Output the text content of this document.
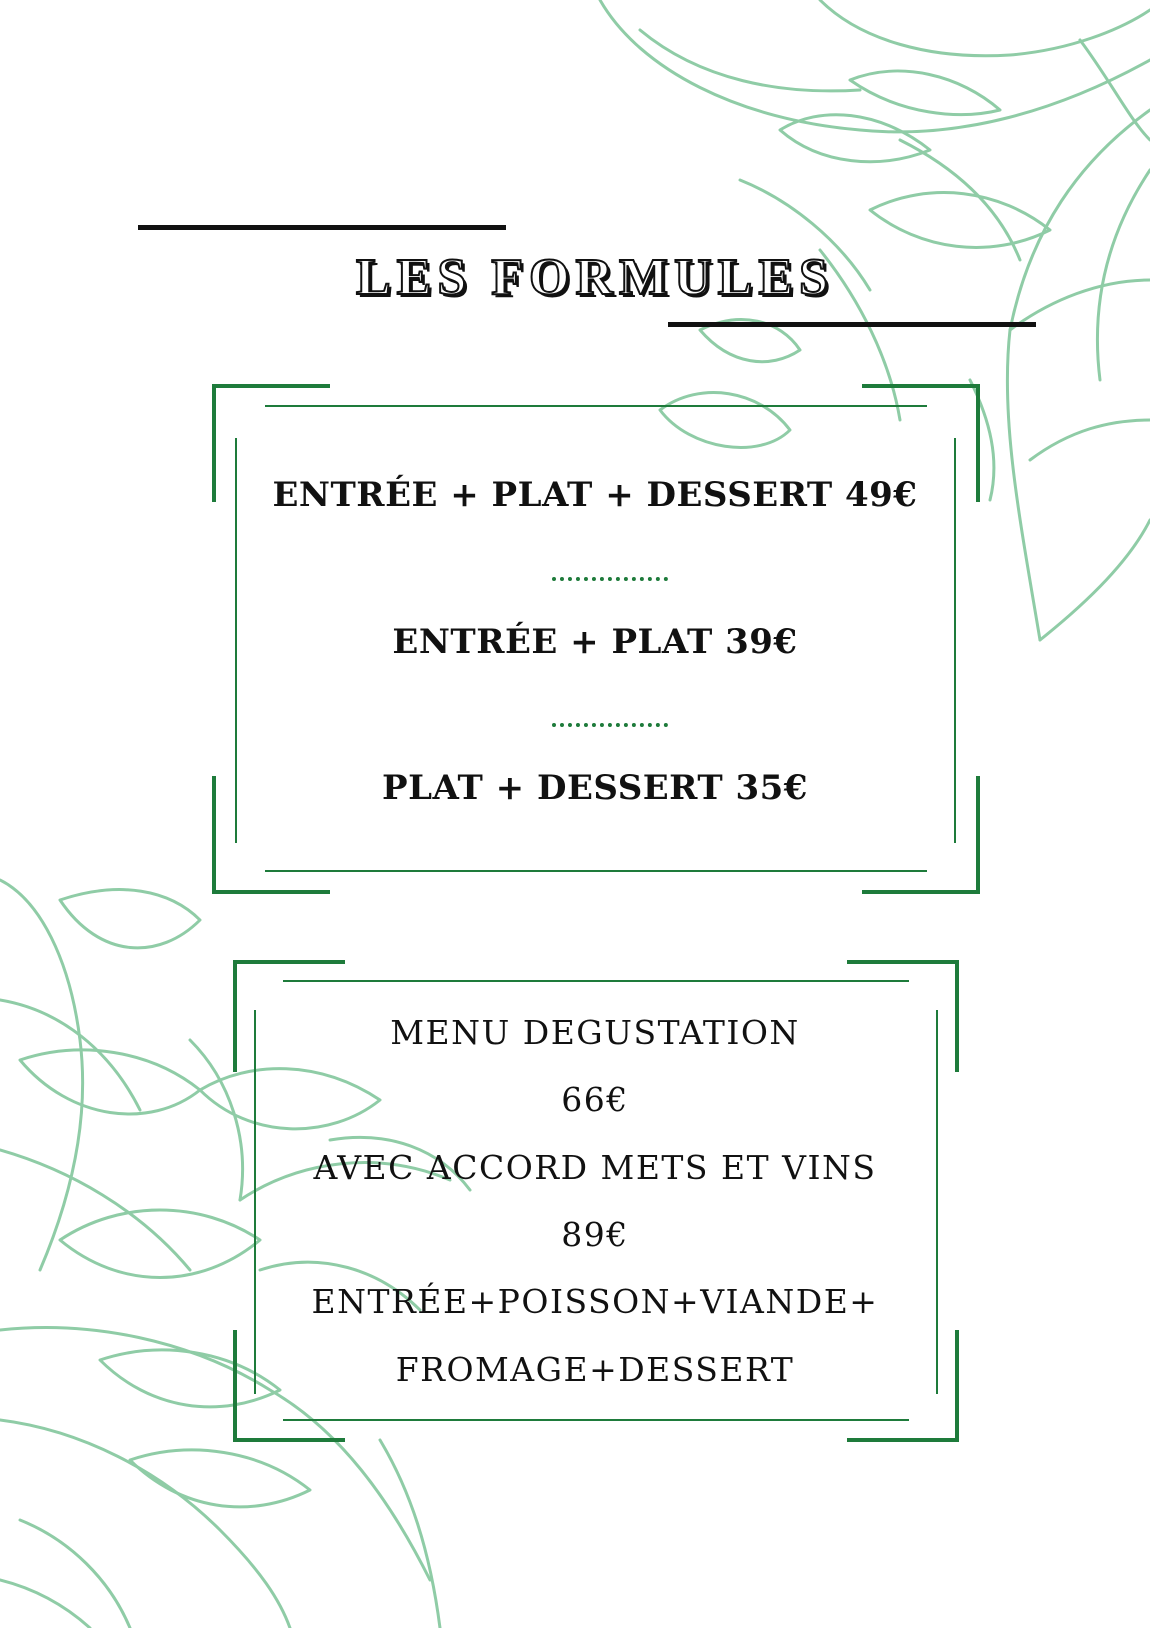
LES FORMULES
ENTRÉE + PLAT + DESSERT 49€
ENTRÉE + PLAT 39€
PLAT + DESSERT 35€
MENU DEGUSTATION
66€
AVEC ACCORD METS ET VINS
89€
ENTRÉE+POISSON+VIANDE+
FROMAGE+DESSERT
